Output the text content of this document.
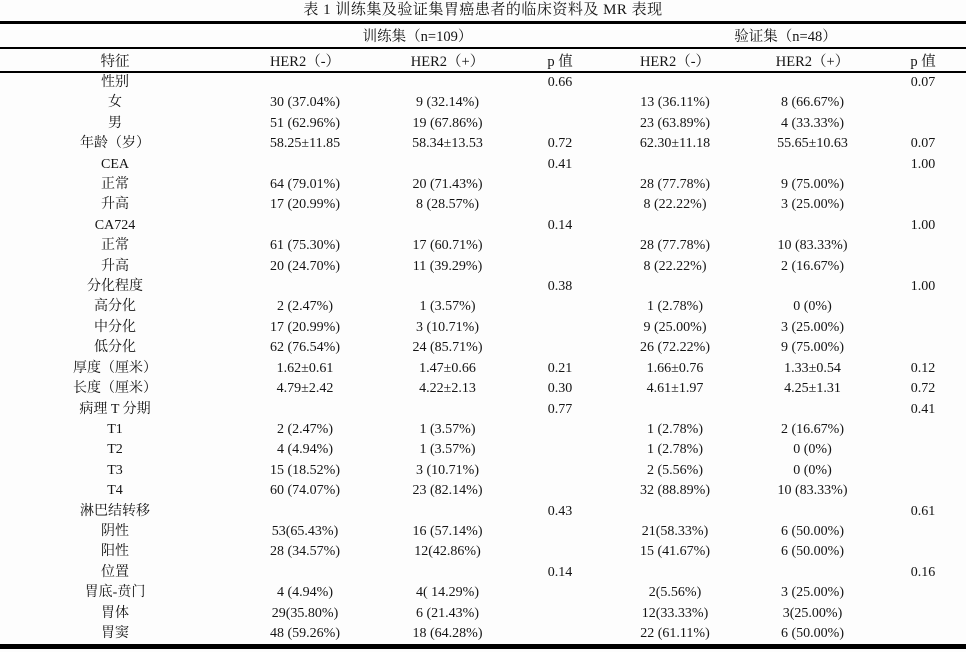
表 1 训练集及验证集胃癌患者的临床资料及 MR 表现
	训练集（n=109）			验证集（n=48）		
特征	HER2（-）	HER2（+）	p 值	HER2（-）	HER2（+）	p 值
性别			0.66			0.07
女	30 (37.04%)	9 (32.14%)		13 (36.11%)	8 (66.67%)	
男	51 (62.96%)	19 (67.86%)		23 (63.89%)	4 (33.33%)	
年龄（岁）	58.25±11.85	58.34±13.53	0.72	62.30±11.18	55.65±10.63	0.07
CEA			0.41			1.00
正常	64 (79.01%)	20 (71.43%)		28 (77.78%)	9 (75.00%)	
升高	17 (20.99%)	8 (28.57%)		8 (22.22%)	3 (25.00%)	
CA724			0.14			1.00
正常	61 (75.30%)	17 (60.71%)		28 (77.78%)	10 (83.33%)	
升高	20 (24.70%)	11 (39.29%)		8 (22.22%)	2 (16.67%)	
分化程度			0.38			1.00
高分化	2 (2.47%)	1 (3.57%)		1 (2.78%)	0 (0%)	
中分化	17 (20.99%)	3 (10.71%)		9 (25.00%)	3 (25.00%)	
低分化	62 (76.54%)	24 (85.71%)		26 (72.22%)	9 (75.00%)	
厚度（厘米）	1.62±0.61	1.47±0.66	0.21	1.66±0.76	1.33±0.54	0.12
长度（厘米）	4.79±2.42	4.22±2.13	0.30	4.61±1.97	4.25±1.31	0.72
病理 T 分期			0.77			0.41
T1	2 (2.47%)	1 (3.57%)		1 (2.78%)	2 (16.67%)	
T2	4 (4.94%)	1 (3.57%)		1 (2.78%)	0 (0%)	
T3	15 (18.52%)	3 (10.71%)		2 (5.56%)	0 (0%)	
T4	60 (74.07%)	23 (82.14%)		32 (88.89%)	10 (83.33%)	
淋巴结转移			0.43			0.61
阴性	53(65.43%)	16 (57.14%)		21(58.33%)	6 (50.00%)	
阳性	28 (34.57%)	12(42.86%)		15 (41.67%)	6 (50.00%)	
位置			0.14			0.16
胃底-贲门	4 (4.94%)	4( 14.29%)		2(5.56%)	3 (25.00%)	
胃体	29(35.80%)	6 (21.43%)		12(33.33%)	3(25.00%)	
胃窦	48 (59.26%)	18 (64.28%)		22 (61.11%)	6 (50.00%)	
